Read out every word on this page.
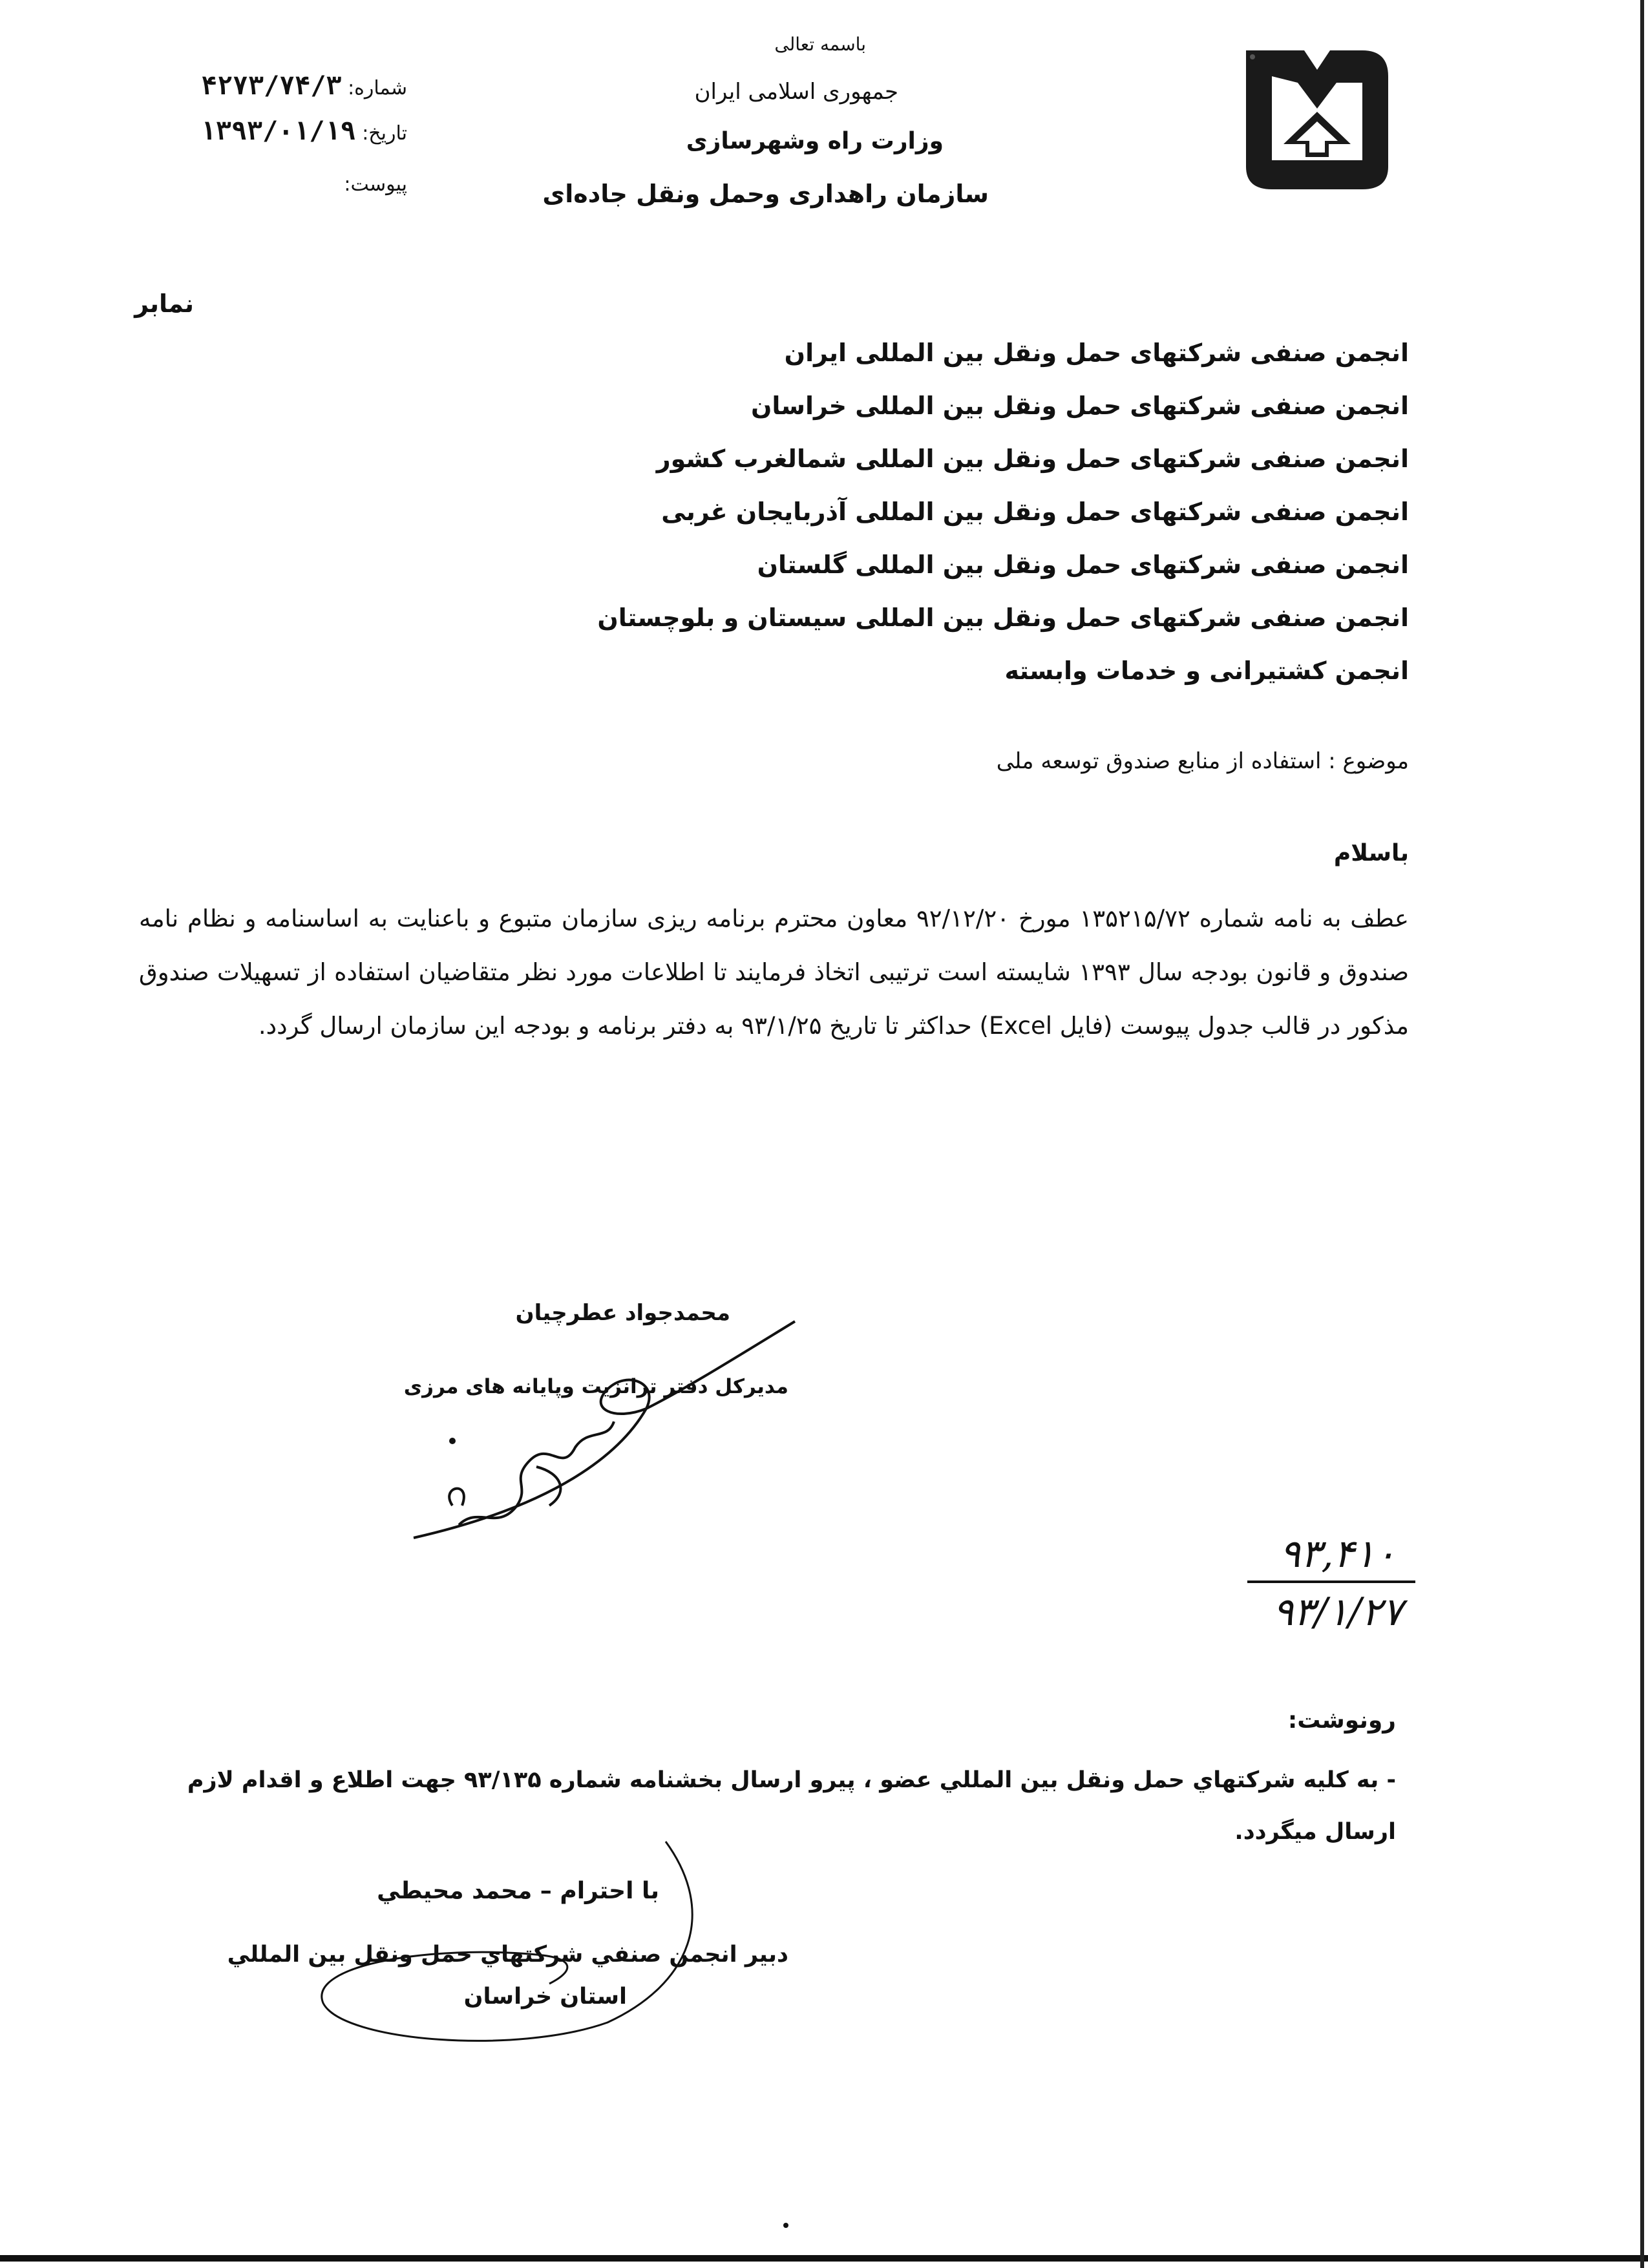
باسمه تعالی
جمهوری اسلامی ایران
وزارت راه وشهرسازی
سازمان راهداری وحمل ونقل جاده‌ای
شماره: ۴۲۷۳/۷۴/۳
تاریخ: ۱۳۹۳/۰۱/۱۹
پیوست:
نمابر
انجمن صنفی شرکتهای حمل ونقل بین المللی ایران
انجمن صنفی شرکتهای حمل ونقل بین المللی خراسان
انجمن صنفی شرکتهای حمل ونقل بین المللی شمالغرب کشور
انجمن صنفی شرکتهای حمل ونقل بین المللی آذربایجان غربی
انجمن صنفی شرکتهای حمل ونقل بین المللی گلستان
انجمن صنفی شرکتهای حمل ونقل بین المللی سیستان و بلوچستان
انجمن کشتیرانی و خدمات وابسته
موضوع : استفاده از منابع صندوق توسعه ملی
باسلام
عطف به نامه شماره ۱۳۵۲۱۵/۷۲ مورخ ۹۲/۱۲/۲۰ معاون محترم برنامه ریزی سازمان متبوع و باعنایت به اساسنامه و نظام نامه صندوق و قانون بودجه سال ۱۳۹۳ شایسته است ترتیبی اتخاذ فرمایند تا اطلاعات مورد نظر متقاضیان استفاده از تسهیلات صندوق مذکور در قالب جدول پیوست (فایل Excel) حداکثر تا تاریخ ۹۳/۱/۲۵ به دفتر برنامه و بودجه این سازمان ارسال گردد.
محمدجواد عطرچیان
مدیرکل دفتر ترانزیت وپایانه های مرزی
۹۳,۴۱۰
۹۳/۱/۲۷
رونوشت:
- به كليه شركتهاي حمل ونقل بين المللي عضو ، پيرو ارسال بخشنامه شماره ۹۳/۱۳۵ جهت اطلاع و اقدام لازم ارسال ميگردد.
با احترام – محمد محيطي
دبير انجمن صنفي شركتهاي حمل ونقل بين المللي
استان خراسان
